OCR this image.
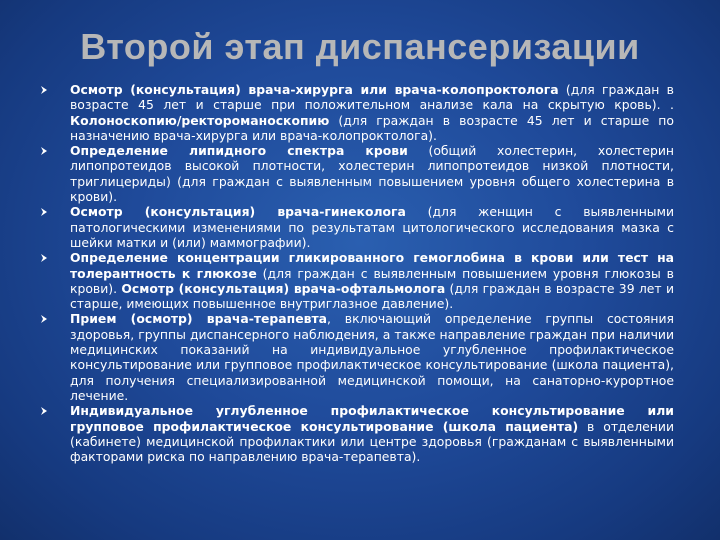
Второй этап диспансеризации
Осмотр (консультация) врача-хирурга или врача-колопроктолога (для граждан в возрасте 45 лет и старше при положительном анализе кала на скрытую кровь). . Колоноскопию/ректороманоскопию (для граждан в возрасте 45 лет и старше по назначению врача-хирурга или врача-колопроктолога).
Определение липидного спектра крови (общий холестерин, холестерин липопротеидов высокой плотности, холестерин липопротеидов низкой плотности, триглицериды) (для граждан с выявленным повышением уровня общего холестерина в крови).
Осмотр (консультация) врача-гинеколога (для женщин с выявленными патологическими изменениями по результатам цитологического исследования мазка с шейки матки и (или) маммографии).
Определение концентрации гликированного гемоглобина в крови или тест на толерантность к глюкозе (для граждан с выявленным повышением уровня глюкозы в крови). Осмотр (консультация) врача-офтальмолога (для граждан в возрасте 39 лет и старше, имеющих повышенное внутриглазное давление).
Прием (осмотр) врача-терапевта, включающий определение группы состояния здоровья, группы диспансерного наблюдения, а также направление граждан при наличии медицинских показаний на индивидуальное углубленное профилактическое консультирование или групповое профилактическое консультирование (школа пациента), для получения специализированной медицинской помощи, на санаторно-курортное лечение.
Индивидуальное углубленное профилактическое консультирование или групповое профилактическое консультирование (школа пациента) в отделении (кабинете) медицинской профилактики или центре здоровья (гражданам с выявленными факторами риска по направлению врача-терапевта).
